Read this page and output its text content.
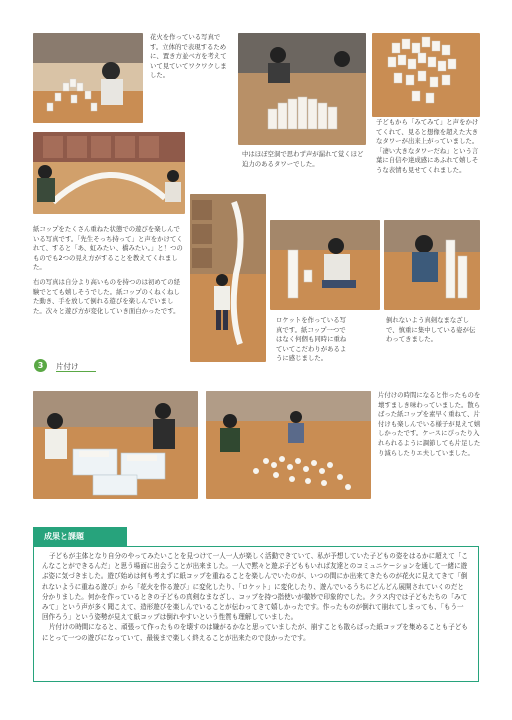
花火を作っている写真です。立体的で表現するために、置き方並べ方を考えていて見ていてワクワクしました。
中はほぼ空洞で思わず声が漏れて覚くほど迫力のあるタワーでした。
子どもから「みてみて」と声をかけてくれて、見ると想像を超えた大きなタワーが出来上がっていました。「凄い大きなタワーだね」という言葉に自信や達成感にあふれて嬉しそうな表情も見せてくれました。

紙コップをたくさん重ねた状態での遊びを楽しんでいる写真です。「先生そっち持って」と声をかけてくれて、すると「あ、虹みたい、橋みたい。」と！つのものでも2つの見え方がすることを教えてくれました。

右の写真は自分より高いものを持つのは初めての経験でとても嬉しそうでした。紙コップのくねくねした動き、手を放して倒れる遊びを楽しんでいました。次々と遊び方が変化していき面白かったです。

ロケットを作っている写真です。紙コップ一つではなく何個も同時に重ねていてこだわりがあるように感じました。
倒れないよう真剣なまなざしで、慎重に集中している姿が伝わってきました。
3	片付け
片付けの時間になると作ったものを壊すましき味わっていました。散らばった紙コップを素早く重ねて、片付けも楽しんでいる様子が見えて嬉しかったです。ケースにぴったり入れられるように調節しても片足したり減らしたりエ夫していました。
成果と課題

子どもが主体となり自分のやってみたいことを見つけて一人一人が楽しく活動できていて、私が予想していた子どもの姿をはるかに超えて「こんなことができるんだ」と思う場面に出会うことが出来ました。一人で黙々と遊ぶ子どももいれば友達とのコミュニケーションを通して一緒に遊ぶ姿に気づきました。遊び始めは何も考えずに紙コップを重ねることを楽しんでいたのが、いつの間にか出来てきたものが花火に見えてきて「倒れないように重ねる遊び」から「花火を作る遊び」に変化したり、「ロケット」に変化したり、遊んでいるうちにどんどん展開されていくのだと分かりました。何かを作っているときの子どもの真剣なまなざし、コップを持つ指使いが徹妙で印象的でした。クラス内では子どもたちの「みてみて」という声が多く聞こえて、造形遊びを楽しんでいることが伝わってきて嬉しかったです。作ったものが倒れて崩れてしまっても、「もう一回作ろう」という姿勢が見えて紙コップは倒れやすいという性質も理解していました。

片付けの時間になると、頑張って作ったものを壊すのは嫌がるかなと思っていましたが、崩すことも散らばった紙コップを集めることも子どもにとって一つの遊びになっていて、最後まで楽しく終えることが出来たので良かったです。
